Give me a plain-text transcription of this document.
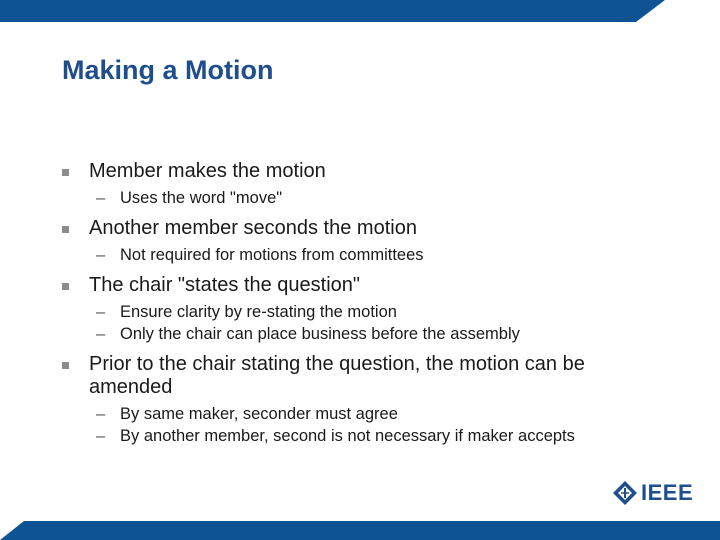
Making a Motion
Member makes the motion
– Uses the word "move"
Another member seconds the motion
– Not required for motions from committees
The chair "states the question"
– Ensure clarity by re-stating the motion
– Only the chair can place business before the assembly
Prior to the chair stating the question, the motion can be amended
– By same maker, seconder must agree
– By another member, second is not necessary if maker accepts
IEEE
